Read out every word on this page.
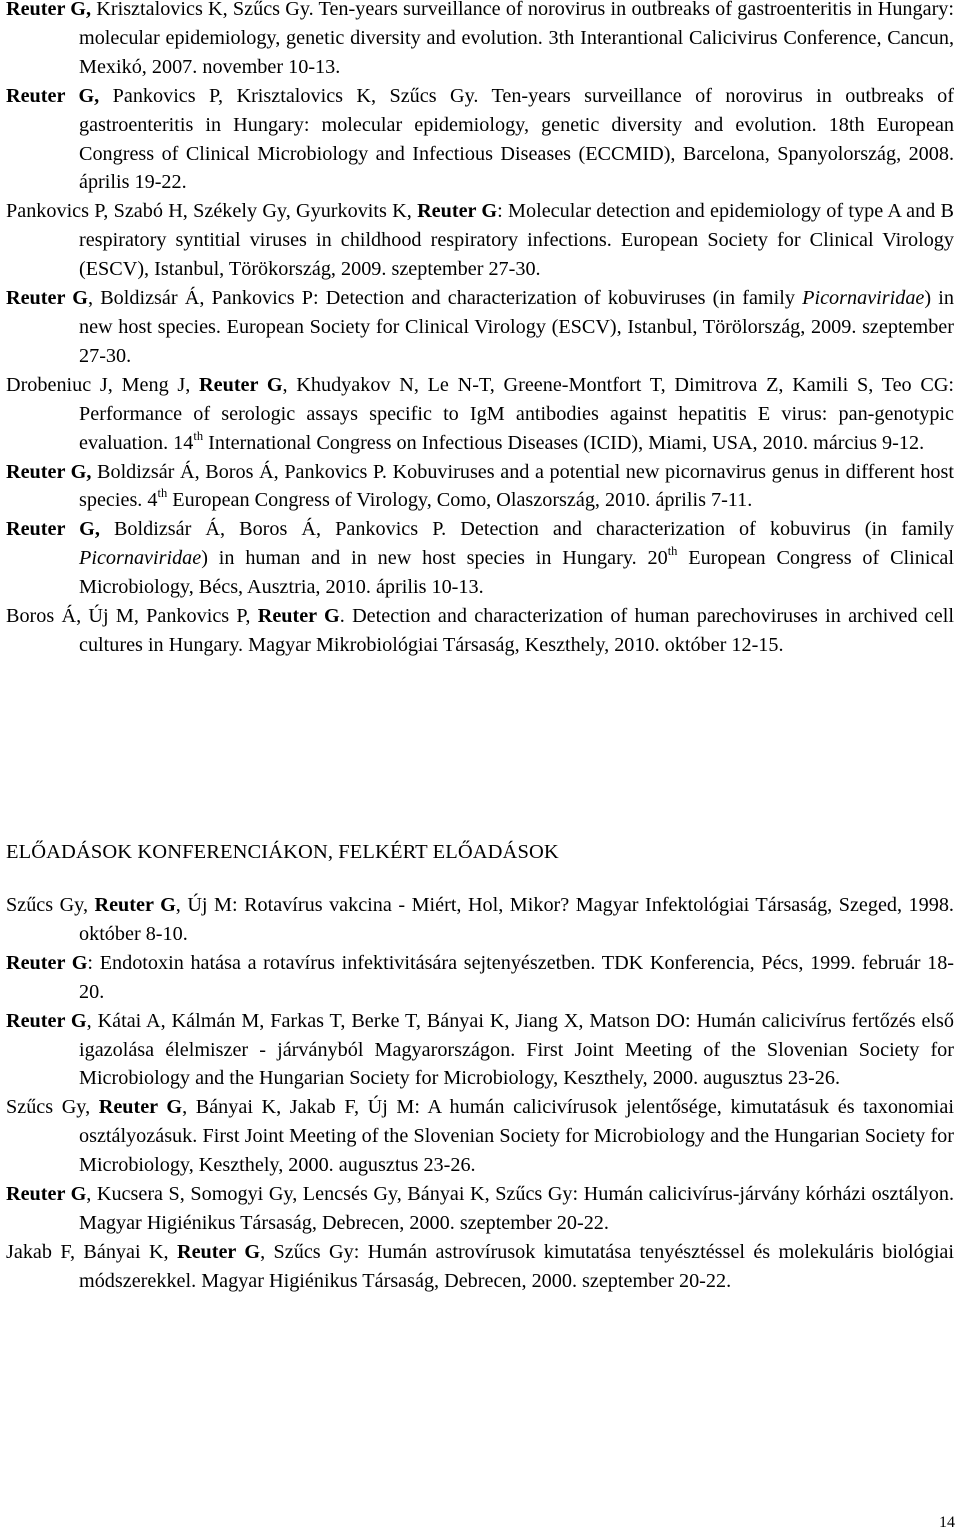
Reuter G, Krisztalovics K, Szűcs Gy. Ten-years surveillance of norovirus in outbreaks of gastroenteritis in Hungary: molecular epidemiology, genetic diversity and evolution. 3th Interantional Calicivirus Conference, Cancun, Mexikó, 2007. november 10-13.

Reuter G, Pankovics P, Krisztalovics K, Szűcs Gy. Ten-years surveillance of norovirus in outbreaks of gastroenteritis in Hungary: molecular epidemiology, genetic diversity and evolution. 18th European Congress of Clinical Microbiology and Infectious Diseases (ECCMID), Barcelona, Spanyolország, 2008. április 19-22.

Pankovics P, Szabó H, Székely Gy, Gyurkovits K, Reuter G: Molecular detection and epidemiology of type A and B respiratory syntitial viruses in childhood respiratory infections. European Society for Clinical Virology (ESCV), Istanbul, Törökország, 2009. szeptember 27-30.

Reuter G, Boldizsár Á, Pankovics P: Detection and characterization of kobuviruses (in family Picornaviridae) in new host species. European Society for Clinical Virology (ESCV), Istanbul, Törölország, 2009. szeptember 27-30.

Drobeniuc J, Meng J, Reuter G, Khudyakov N, Le N-T, Greene-Montfort T, Dimitrova Z, Kamili S, Teo CG: Performance of serologic assays specific to IgM antibodies against hepatitis E virus: pan-genotypic evaluation. 14th International Congress on Infectious Diseases (ICID), Miami, USA, 2010. március 9-12.

Reuter G, Boldizsár Á, Boros Á, Pankovics P. Kobuviruses and a potential new picornavirus genus in different host species. 4th European Congress of Virology, Como, Olaszország, 2010. április 7-11.

Reuter G, Boldizsár Á, Boros Á, Pankovics P. Detection and characterization of kobuvirus (in family Picornaviridae) in human and in new host species in Hungary. 20th European Congress of Clinical Microbiology, Bécs, Ausztria, 2010. április 10-13.

Boros Á, Új M, Pankovics P, Reuter G. Detection and characterization of human parechoviruses in archived cell cultures in Hungary. Magyar Mikrobiológiai Társaság, Keszthely, 2010. október 12-15.

ELŐADÁSOK KONFERENCIÁKON, FELKÉRT ELŐADÁSOK

Szűcs Gy, Reuter G, Új M: Rotavírus vakcina - Miért, Hol, Mikor? Magyar Infektológiai Társaság, Szeged, 1998. október 8-10.

Reuter G: Endotoxin hatása a rotavírus infektivitására sejtenyészetben. TDK Konferencia, Pécs, 1999. február 18-20.

Reuter G, Kátai A, Kálmán M, Farkas T, Berke T, Bányai K, Jiang X, Matson DO: Humán calicivírus fertőzés első igazolása élelmiszer - járványból Magyarországon. First Joint Meeting of the Slovenian Society for Microbiology and the Hungarian Society for Microbiology, Keszthely, 2000. augusztus 23-26.

Szűcs Gy, Reuter G, Bányai K, Jakab F, Új M: A humán calicivírusok jelentősége, kimutatásuk és taxonomiai osztályozásuk. First Joint Meeting of the Slovenian Society for Microbiology and the Hungarian Society for Microbiology, Keszthely, 2000. augusztus 23-26.

Reuter G, Kucsera S, Somogyi Gy, Lencsés Gy, Bányai K, Szűcs Gy: Humán calicivírus-járvány kórházi osztályon. Magyar Higiénikus Társaság, Debrecen, 2000. szeptember 20-22.

Jakab F, Bányai K, Reuter G, Szűcs Gy: Humán astrovírusok kimutatása tenyésztéssel és molekuláris biológiai módszerekkel. Magyar Higiénikus Társaság, Debrecen, 2000. szeptember 20-22.

14
